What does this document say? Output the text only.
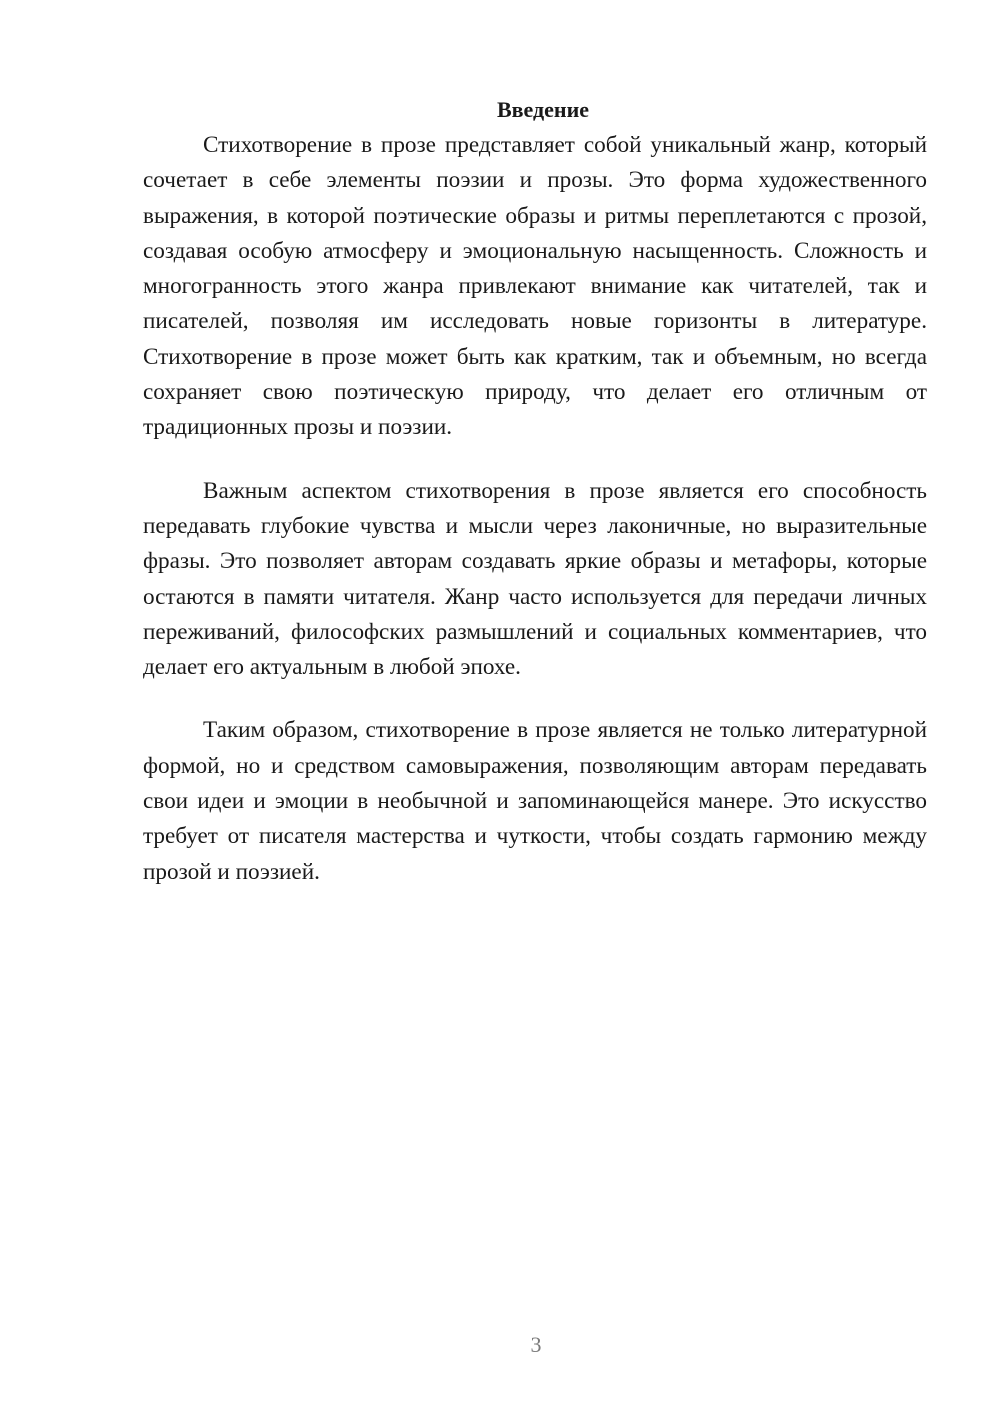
Введение

Стихотворение в прозе представляет собой уникальный жанр, который сочетает в себе элементы поэзии и прозы. Это форма художественного выражения, в которой поэтические образы и ритмы переплетаются с прозой, создавая особую атмосферу и эмоциональную насыщенность. Сложность и многогранность этого жанра привлекают внимание как читателей, так и писателей, позволяя им исследовать новые горизонты в литературе. Стихотворение в прозе может быть как кратким, так и объемным, но всегда сохраняет свою поэтическую природу, что делает его отличным от традиционных прозы и поэзии.

Важным аспектом стихотворения в прозе является его способность передавать глубокие чувства и мысли через лаконичные, но выразительные фразы. Это позволяет авторам создавать яркие образы и метафоры, которые остаются в памяти читателя. Жанр часто используется для передачи личных переживаний, философских размышлений и социальных комментариев, что делает его актуальным в любой эпохе.

Таким образом, стихотворение в прозе является не только литературной формой, но и средством самовыражения, позволяющим авторам передавать свои идеи и эмоции в необычной и запоминающейся манере. Это искусство требует от писателя мастерства и чуткости, чтобы создать гармонию между прозой и поэзией.

3
